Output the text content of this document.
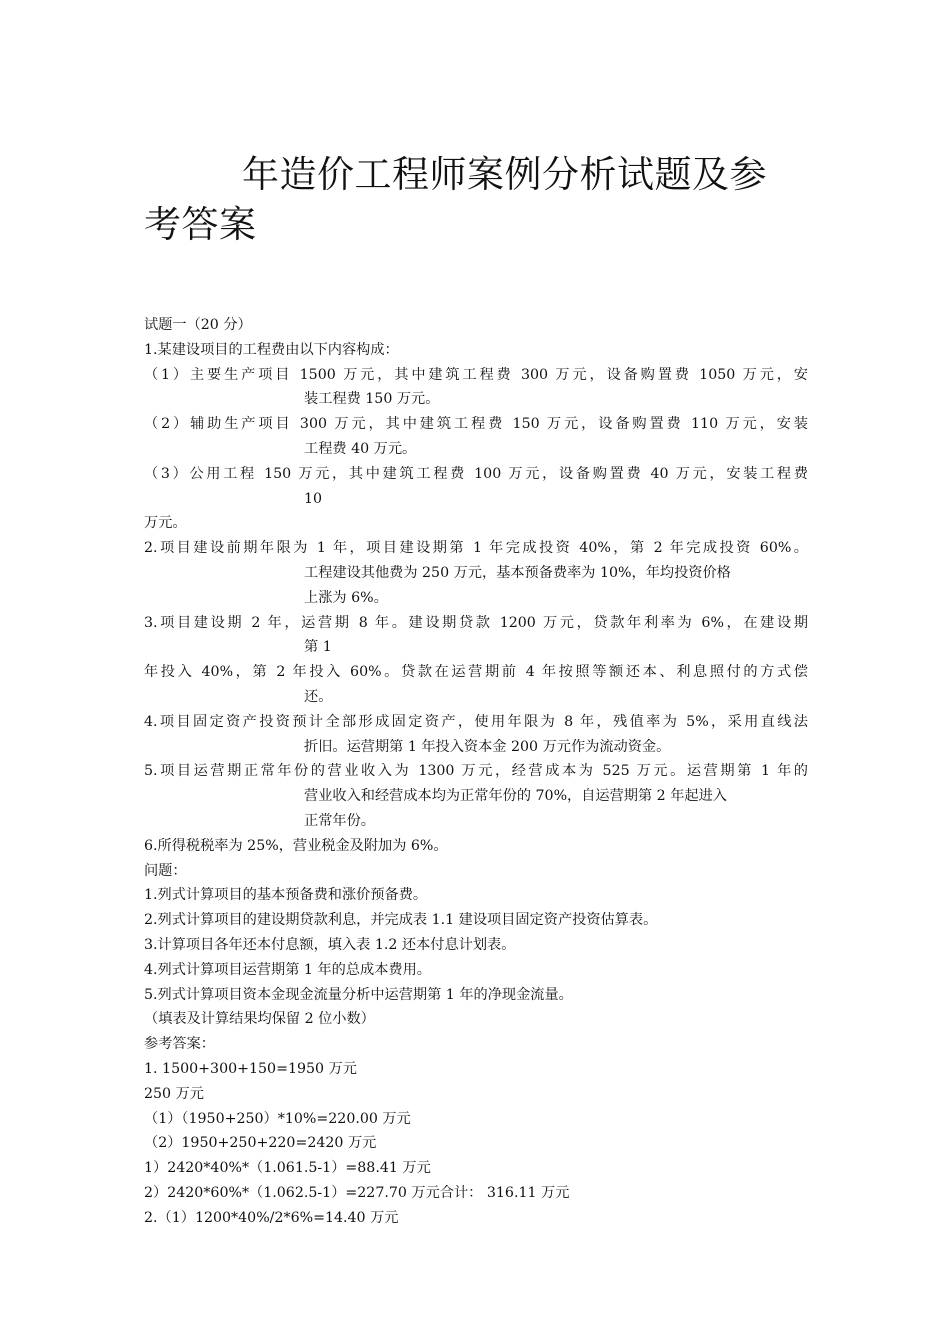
年造价工程师案例分析试题及参
考答案
试题一（20 分）
1.某建设项目的工程费由以下内容构成：
（1）主要生产项目 1500 万元，其中建筑工程费 300 万元，设备购置费 1050 万元，安
装工程费 150 万元。
（2）辅助生产项目 300 万元，其中建筑工程费 150 万元，设备购置费 110 万元，安装
工程费 40 万元。
（3）公用工程 150 万元，其中建筑工程费 100 万元，设备购置费 40 万元，安装工程费
10
万元。
2.项目建设前期年限为 1 年，项目建设期第 1 年完成投资 40%，第 2 年完成投资 60%。
工程建设其他费为 250 万元，基本预备费率为 10%，年均投资价格
上涨为 6%。
3.项目建设期 2 年，运营期 8 年。建设期贷款 1200 万元，贷款年利率为 6%，在建设期
第 1
年投入 40%，第 2 年投入 60%。贷款在运营期前 4 年按照等额还本、利息照付的方式偿
还。
4.项目固定资产投资预计全部形成固定资产，使用年限为 8 年，残值率为 5%，采用直线法
折旧。运营期第 1 年投入资本金 200 万元作为流动资金。
5.项目运营期正常年份的营业收入为 1300 万元，经营成本为 525 万元。运营期第 1 年的
营业收入和经营成本均为正常年份的 70%，自运营期第 2 年起进入
正常年份。
6.所得税税率为 25%，营业税金及附加为 6%。
问题：
1.列式计算项目的基本预备费和涨价预备费。
2.列式计算项目的建设期贷款利息，并完成表 1.1 建设项目固定资产投资估算表。
3.计算项目各年还本付息额，填入表 1.2 还本付息计划表。
4.列式计算项目运营期第 1 年的总成本费用。
5.列式计算项目资本金现金流量分析中运营期第 1 年的净现金流量。
（填表及计算结果均保留 2 位小数）
参考答案：
1. 1500+300+150=1950 万元
250 万元
（1）（1950+250）*10%=220.00 万元
（2）1950+250+220=2420 万元
1）2420*40%*（1.061.5-1）=88.41 万元
2）2420*60%*（1.062.5-1）=227.70 万元合计： 316.11 万元
2.（1）1200*40%/2*6%=14.40 万元
